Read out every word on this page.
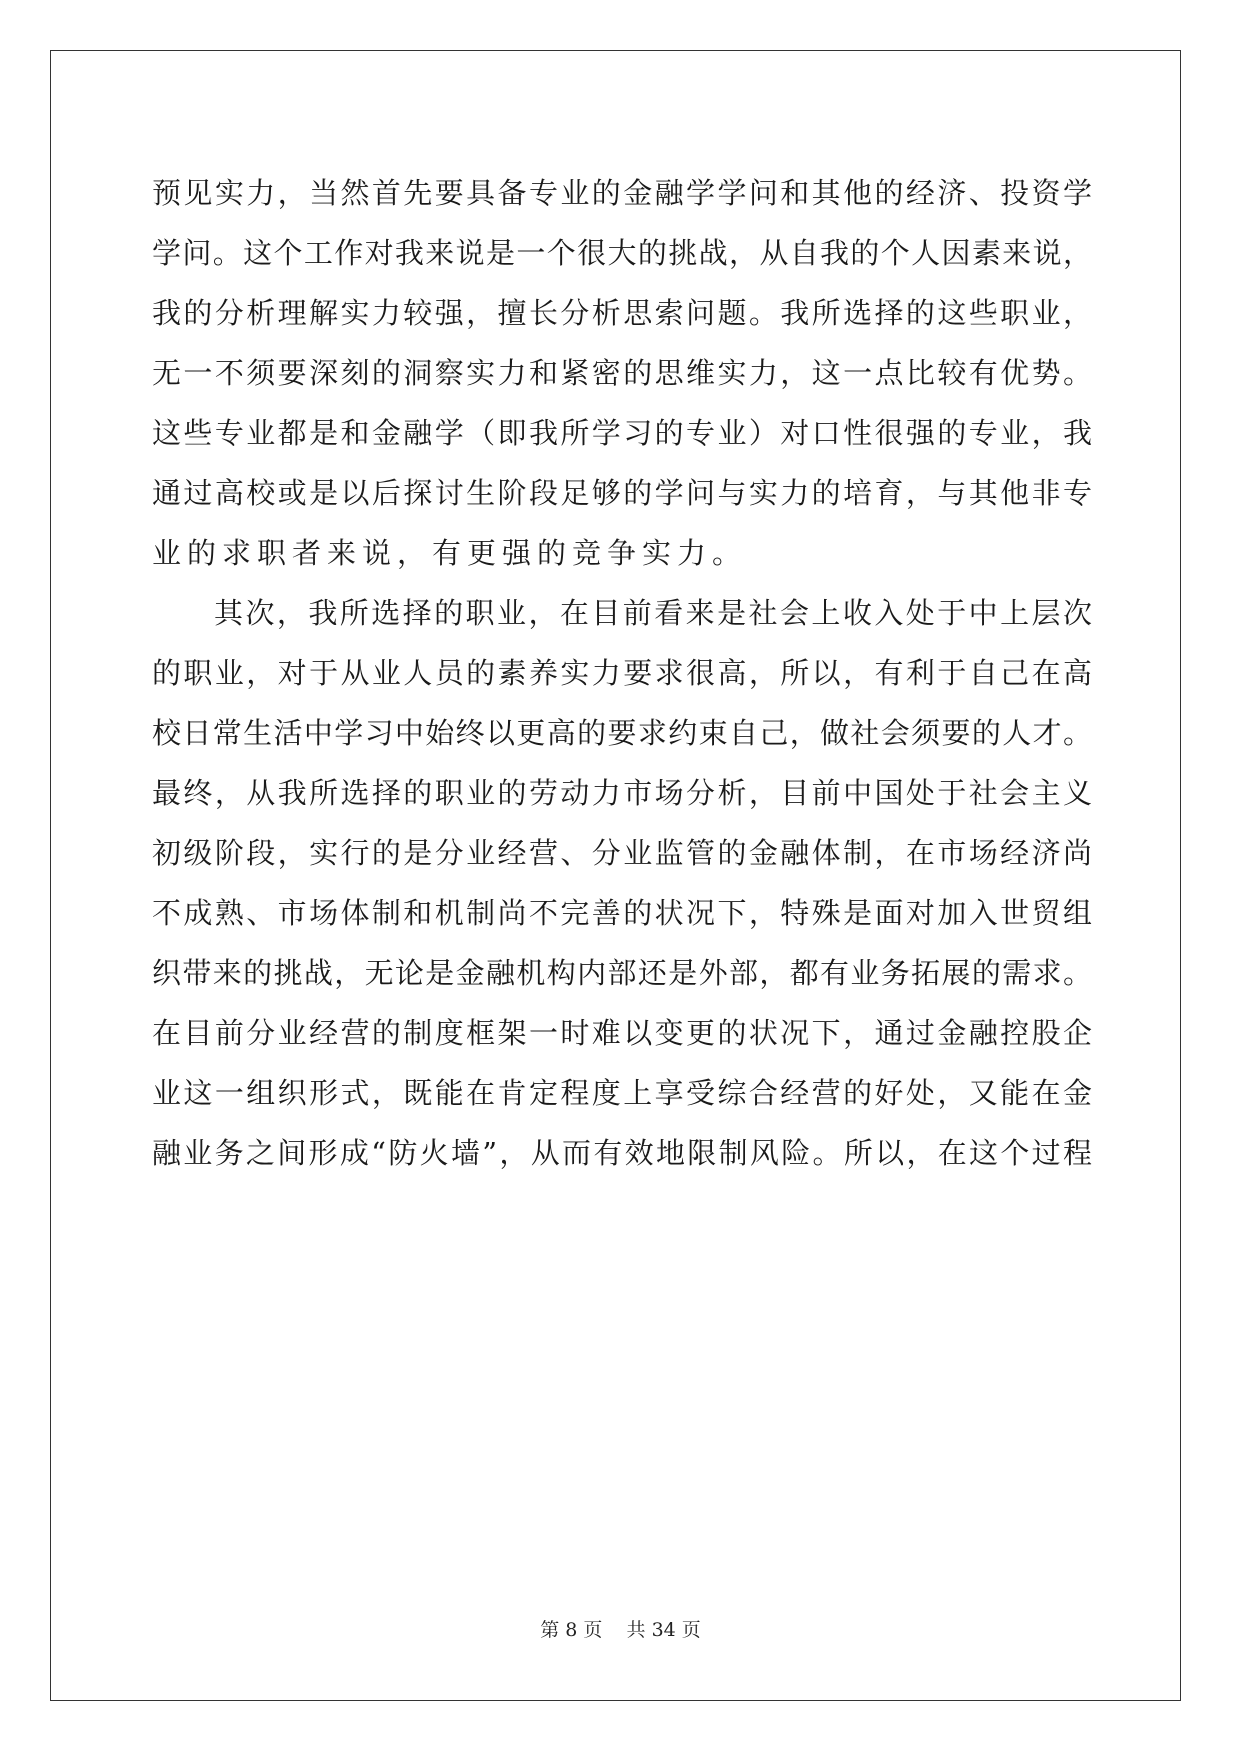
预见实力，当然首先要具备专业的金融学学问和其他的经济、投资学
学问。这个工作对我来说是一个很大的挑战，从自我的个人因素来说，
我的分析理解实力较强，擅长分析思索问题。我所选择的这些职业，
无一不须要深刻的洞察实力和紧密的思维实力，这一点比较有优势。
这些专业都是和金融学（即我所学习的专业）对口性很强的专业，我
通过高校或是以后探讨生阶段足够的学问与实力的培育，与其他非专
业的求职者来说，有更强的竞争实力。
其次，我所选择的职业，在目前看来是社会上收入处于中上层次
的职业，对于从业人员的素养实力要求很高，所以，有利于自己在高
校日常生活中学习中始终以更高的要求约束自己，做社会须要的人才。
最终，从我所选择的职业的劳动力市场分析，目前中国处于社会主义
初级阶段，实行的是分业经营、分业监管的金融体制，在市场经济尚
不成熟、市场体制和机制尚不完善的状况下，特殊是面对加入世贸组
织带来的挑战，无论是金融机构内部还是外部，都有业务拓展的需求。
在目前分业经营的制度框架一时难以变更的状况下，通过金融控股企
业这一组织形式，既能在肯定程度上享受综合经营的好处，又能在金
融业务之间形成“防火墙”，从而有效地限制风险。所以，在这个过程
第 8 页 共 34 页
